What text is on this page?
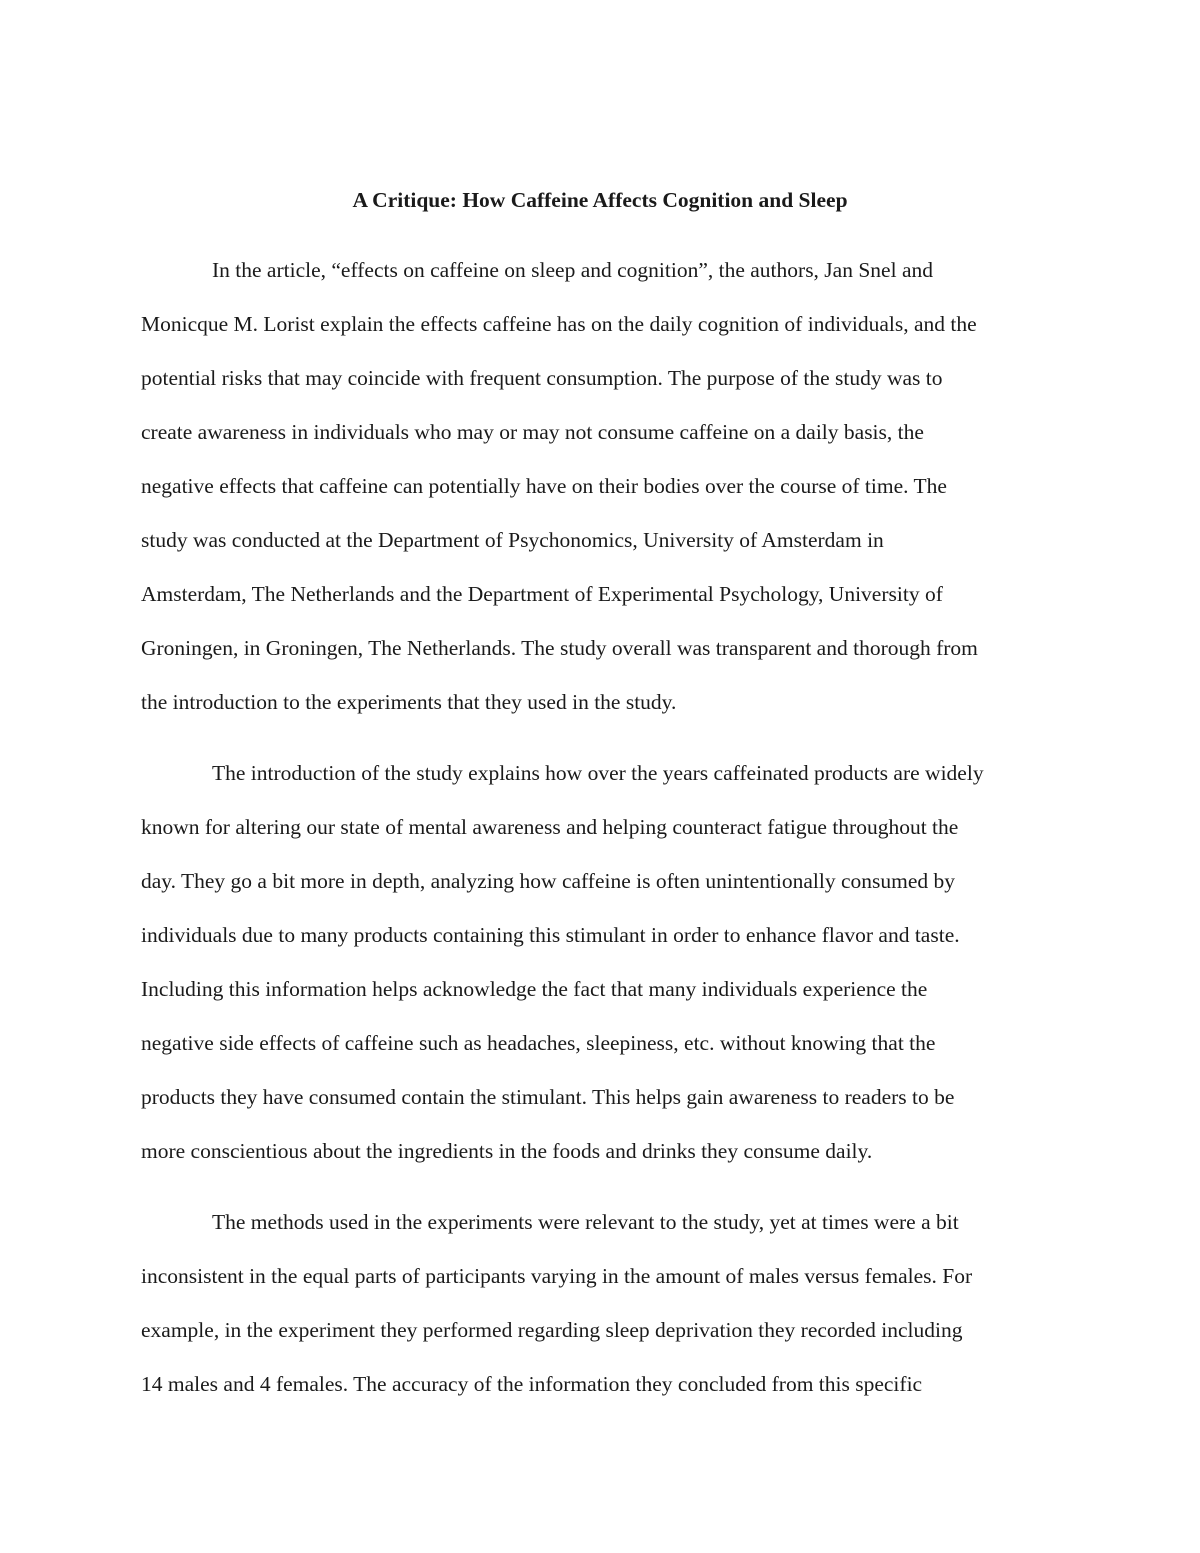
A Critique: How Caffeine Affects Cognition and Sleep
In the article, “effects on caffeine on sleep and cognition”, the authors, Jan Snel and
Monicque M. Lorist explain the effects caffeine has on the daily cognition of individuals, and the
potential risks that may coincide with frequent consumption. The purpose of the study was to
create awareness in individuals who may or may not consume caffeine on a daily basis, the
negative effects that caffeine can potentially have on their bodies over the course of time. The
study was conducted at the Department of Psychonomics, University of Amsterdam in
Amsterdam, The Netherlands and the Department of Experimental Psychology, University of
Groningen, in Groningen, The Netherlands. The study overall was transparent and thorough from
the introduction to the experiments that they used in the study.
The introduction of the study explains how over the years caffeinated products are widely
known for altering our state of mental awareness and helping counteract fatigue throughout the
day. They go a bit more in depth, analyzing how caffeine is often unintentionally consumed by
individuals due to many products containing this stimulant in order to enhance flavor and taste.
Including this information helps acknowledge the fact that many individuals experience the
negative side effects of caffeine such as headaches, sleepiness, etc. without knowing that the
products they have consumed contain the stimulant. This helps gain awareness to readers to be
more conscientious about the ingredients in the foods and drinks they consume daily.
The methods used in the experiments were relevant to the study, yet at times were a bit
inconsistent in the equal parts of participants varying in the amount of males versus females. For
example, in the experiment they performed regarding sleep deprivation they recorded including
14 males and 4 females. The accuracy of the information they concluded from this specific
